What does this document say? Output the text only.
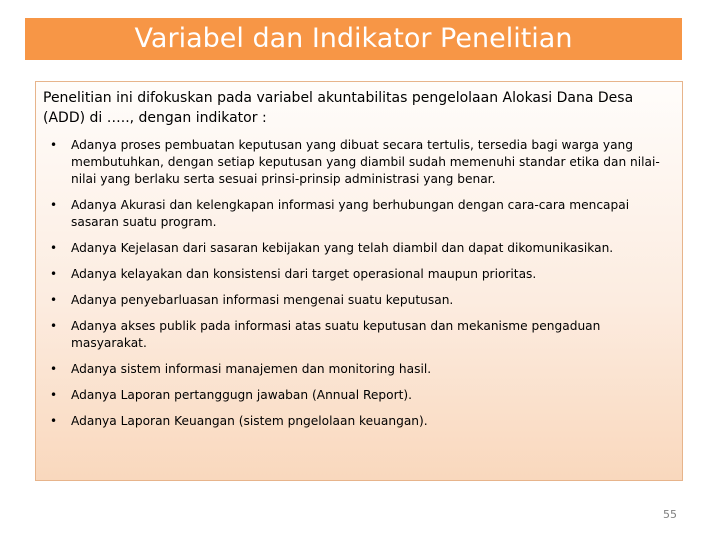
Variabel dan Indikator Penelitian

Penelitian ini difokuskan pada variabel akuntabilitas pengelolaan Alokasi Dana Desa (ADD) di ….., dengan indikator :

• Adanya proses pembuatan keputusan yang dibuat secara tertulis, tersedia bagi warga yang membutuhkan, dengan setiap keputusan yang diambil sudah memenuhi standar etika dan nilai-nilai yang berlaku serta sesuai prinsi-prinsip administrasi yang benar.
• Adanya Akurasi dan kelengkapan informasi yang berhubungan dengan cara-cara mencapai sasaran suatu program.
• Adanya Kejelasan dari sasaran kebijakan yang telah diambil dan dapat dikomunikasikan.
• Adanya kelayakan dan konsistensi dari target operasional maupun prioritas.
• Adanya penyebarluasan informasi mengenai suatu keputusan.
• Adanya akses publik pada informasi atas suatu keputusan dan mekanisme pengaduan masyarakat.
• Adanya sistem informasi manajemen dan monitoring hasil.
• Adanya Laporan pertanggugn jawaban (Annual Report).
• Adanya Laporan Keuangan (sistem pngelolaan keuangan).
55
